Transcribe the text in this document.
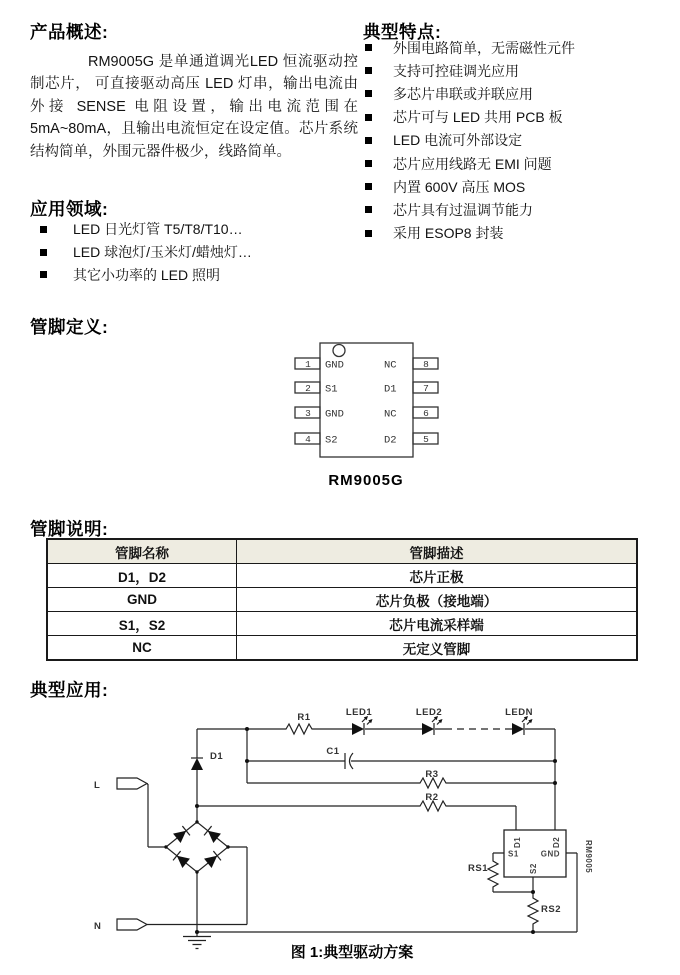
产品概述:

RM9005G 是单通道调光LED 恒流驱动控制芯片， 可直接驱动高压 LED 灯串，输出电流由外接 SENSE 电阻设置，输出电流范围在 5mA~80mA，且输出电流恒定在设定值。芯片系统结构简单，外围元器件极少，线路简单。

典型特点:
外围电路简单，无需磁性元件
支持可控硅调光应用
多芯片串联或并联应用
芯片可与 LED 共用 PCB 板
LED 电流可外部设定
芯片应用线路无 EMI 问题
内置 600V 高压 MOS
芯片具有过温调节能力
采用 ESOP8 封装
应用领域:
LED 日光灯管 T5/T8/T10…
LED 球泡灯/玉米灯/蜡烛灯…
其它小功率的 LED 照明
管脚定义:
1
2
3
4
8
7
6
5
GND
S1
GND
S2
NC
D1
NC
D2
RM9005G
管脚说明:
管脚名称	管脚描述
D1，D2	芯片正极
GND	芯片负极（接地端）
S1，S2	芯片电流采样端
NC	无定义管脚
典型应用:
R1	LED1	LED2	LEDN
C1
R3
R2
D1
L
N
RS1
RS2
D1	D2
S1	GND
S2	RM9005
图 1:典型驱动方案
